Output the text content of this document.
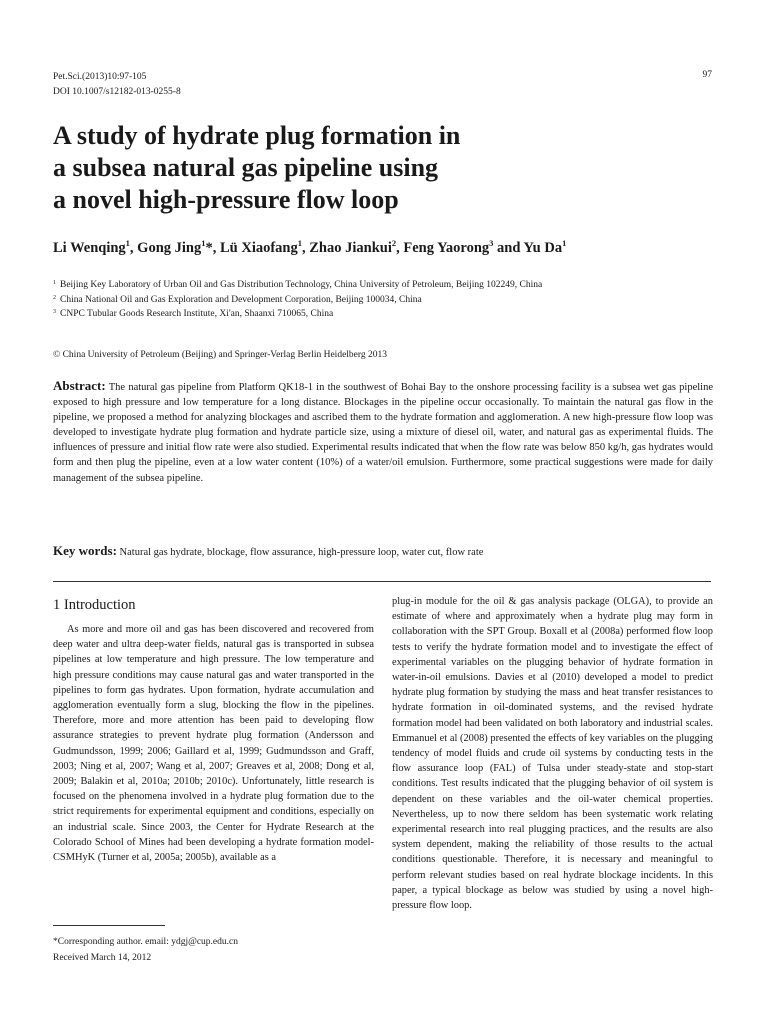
Pet.Sci.(2013)10:97-105
DOI 10.1007/s12182-013-0255-8
97
A study of hydrate plug formation in
a subsea natural gas pipeline using
a novel high-pressure flow loop
Li Wenqing$^1$, Gong Jing$^1$*, Lü Xiaofang$^1$, Zhao Jiankui$^2$, Feng Yaorong$^3$ and Yu Da$^1$
1 Beijing Key Laboratory of Urban Oil and Gas Distribution Technology, China University of Petroleum, Beijing 102249, China
2 China National Oil and Gas Exploration and Development Corporation, Beijing 100034, China
3 CNPC Tubular Goods Research Institute, Xi'an, Shaanxi 710065, China
© China University of Petroleum (Beijing) and Springer-Verlag Berlin Heidelberg 2013
Abstract: The natural gas pipeline from Platform QK18-1 in the southwest of Bohai Bay to the onshore processing facility is a subsea wet gas pipeline exposed to high pressure and low temperature for a long distance. Blockages in the pipeline occur occasionally. To maintain the natural gas flow in the pipeline, we proposed a method for analyzing blockages and ascribed them to the hydrate formation and agglomeration. A new high-pressure flow loop was developed to investigate hydrate plug formation and hydrate particle size, using a mixture of diesel oil, water, and natural gas as experimental fluids. The influences of pressure and initial flow rate were also studied. Experimental results indicated that when the flow rate was below 850 kg/h, gas hydrates would form and then plug the pipeline, even at a low water content (10%) of a water/oil emulsion. Furthermore, some practical suggestions were made for daily management of the subsea pipeline.
Key words: Natural gas hydrate, blockage, flow assurance, high-pressure loop, water cut, flow rate
1 Introduction

As more and more oil and gas has been discovered and recovered from deep water and ultra deep-water fields, natural gas is transported in subsea pipelines at low temperature and high pressure. The low temperature and high pressure conditions may cause natural gas and water transported in the pipelines to form gas hydrates. Upon formation, hydrate accumulation and agglomeration eventually form a slug, blocking the flow in the pipelines. Therefore, more and more attention has been paid to developing flow assurance strategies to prevent hydrate plug formation (Andersson and Gudmundsson, 1999; 2006; Gaillard et al, 1999; Gudmundsson and Graff, 2003; Ning et al, 2007; Wang et al, 2007; Greaves et al, 2008; Dong et al, 2009; Balakin et al, 2010a; 2010b; 2010c). Unfortunately, little research is focused on the phenomena involved in a hydrate plug formation due to the strict requirements for experimental equipment and conditions, especially on an industrial scale. Since 2003, the Center for Hydrate Research at the Colorado School of Mines had been developing a hydrate formation model-CSMHyK (Turner et al, 2005a; 2005b), available as a

plug-in module for the oil & gas analysis package (OLGA), to provide an estimate of where and approximately when a hydrate plug may form in collaboration with the SPT Group. Boxall et al (2008a) performed flow loop tests to verify the hydrate formation model and to investigate the effect of experimental variables on the plugging behavior of hydrate formation in water-in-oil emulsions. Davies et al (2010) developed a model to predict hydrate plug formation by studying the mass and heat transfer resistances to hydrate formation in oil-dominated systems, and the revised hydrate formation model had been validated on both laboratory and industrial scales. Emmanuel et al (2008) presented the effects of key variables on the plugging tendency of model fluids and crude oil systems by conducting tests in the flow assurance loop (FAL) of Tulsa under steady-state and stop-start conditions. Test results indicated that the plugging behavior of oil system is dependent on these variables and the oil-water chemical properties. Nevertheless, up to now there seldom has been systematic work relating experimental research into real plugging practices, and the results are also system dependent, making the reliability of those results to the actual conditions questionable. Therefore, it is necessary and meaningful to perform relevant studies based on real hydrate blockage incidents. In this paper, a typical blockage as below was studied by using a novel high-pressure flow loop.

*Corresponding author. email: ydgj@cup.edu.cn
Received March 14, 2012
